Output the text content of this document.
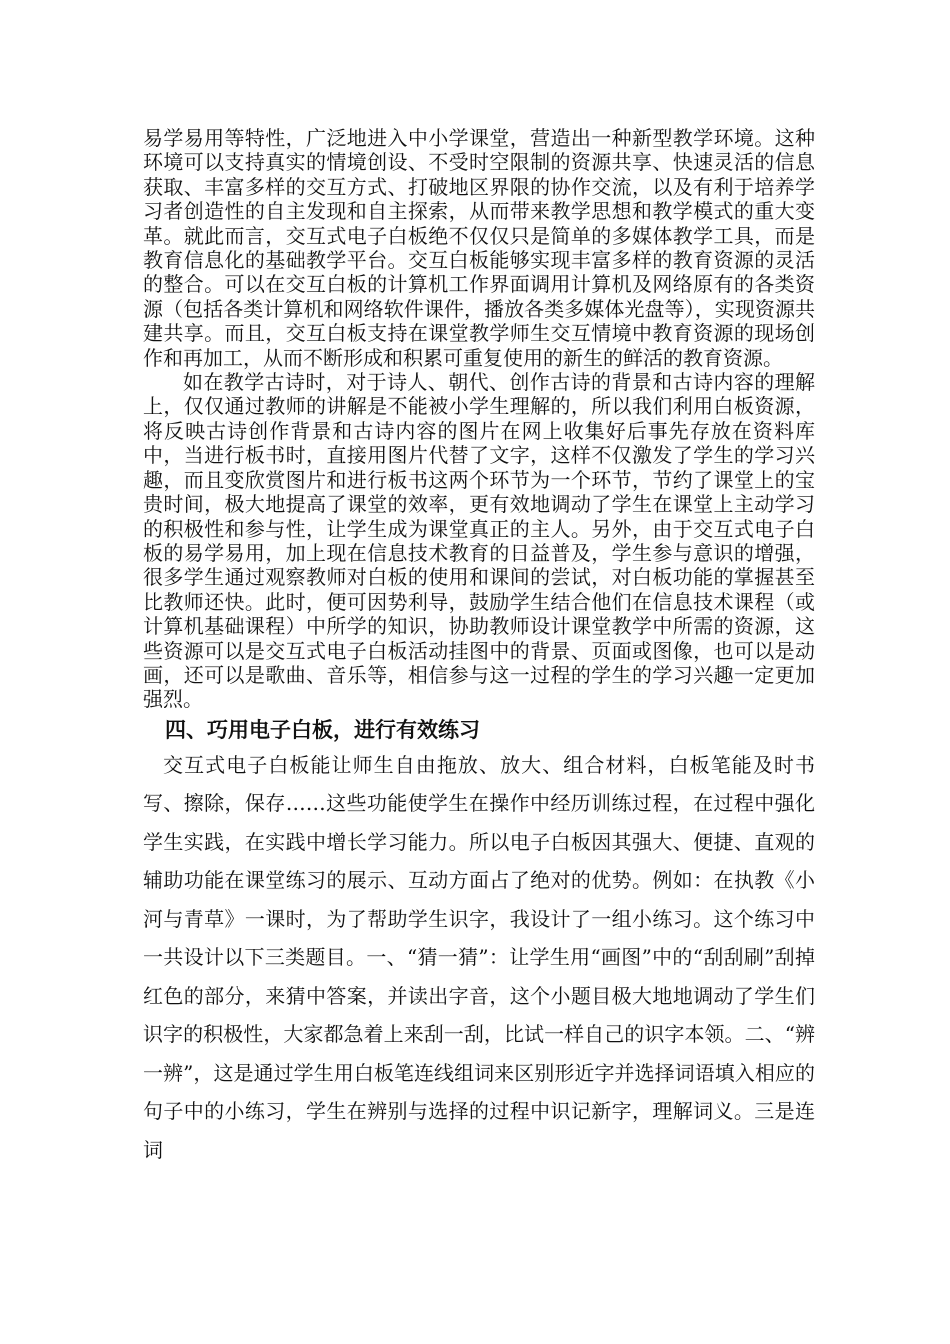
易学易用等特性，广泛地进入中小学课堂，营造出一种新型教学环境。这种环境可以支持真实的情境创设、不受时空限制的资源共享、快速灵活的信息获取、丰富多样的交互方式、打破地区界限的协作交流，以及有利于培养学习者创造性的自主发现和自主探索，从而带来教学思想和教学模式的重大变革。就此而言，交互式电子白板绝不仅仅只是简单的多媒体教学工具，而是教育信息化的基础教学平台。交互白板能够实现丰富多样的教育资源的灵活的整合。可以在交互白板的计算机工作界面调用计算机及网络原有的各类资源（包括各类计算机和网络软件课件，播放各类多媒体光盘等），实现资源共建共享。而且，交互白板支持在课堂教学师生交互情境中教育资源的现场创作和再加工，从而不断形成和积累可重复使用的新生的鲜活的教育资源。

如在教学古诗时，对于诗人、朝代、创作古诗的背景和古诗内容的理解上，仅仅通过教师的讲解是不能被小学生理解的，所以我们利用白板资源，将反映古诗创作背景和古诗内容的图片在网上收集好后事先存放在资料库中，当进行板书时，直接用图片代替了文字，这样不仅激发了学生的学习兴趣，而且变欣赏图片和进行板书这两个环节为一个环节，节约了课堂上的宝贵时间，极大地提高了课堂的效率，更有效地调动了学生在课堂上主动学习的积极性和参与性，让学生成为课堂真正的主人。另外，由于交互式电子白板的易学易用，加上现在信息技术教育的日益普及，学生参与意识的增强，很多学生通过观察教师对白板的使用和课间的尝试，对白板功能的掌握甚至比教师还快。此时，便可因势利导，鼓励学生结合他们在信息技术课程（或计算机基础课程）中所学的知识，协助教师设计课堂教学中所需的资源，这些资源可以是交互式电子白板活动挂图中的背景、页面或图像，也可以是动画，还可以是歌曲、音乐等，相信参与这一过程的学生的学习兴趣一定更加强烈。

四、巧用电子白板，进行有效练习

交互式电子白板能让师生自由拖放、放大、组合材料，白板笔能及时书写、擦除，保存……这些功能使学生在操作中经历训练过程，在过程中强化学生实践，在实践中增长学习能力。所以电子白板因其强大、便捷、直观的辅助功能在课堂练习的展示、互动方面占了绝对的优势。例如：在执教《小河与青草》一课时，为了帮助学生识字，我设计了一组小练习。这个练习中一共设计以下三类题目。一、“猜一猜”：让学生用“画图”中的“刮刮刷”刮掉红色的部分，来猜中答案，并读出字音，这个小题目极大地地调动了学生们识字的积极性，大家都急着上来刮一刮，比试一样自己的识字本领。二、“辨一辨”，这是通过学生用白板笔连线组词来区别形近字并选择词语填入相应的句子中的小练习，学生在辨别与选择的过程中识记新字，理解词义。三是连词
